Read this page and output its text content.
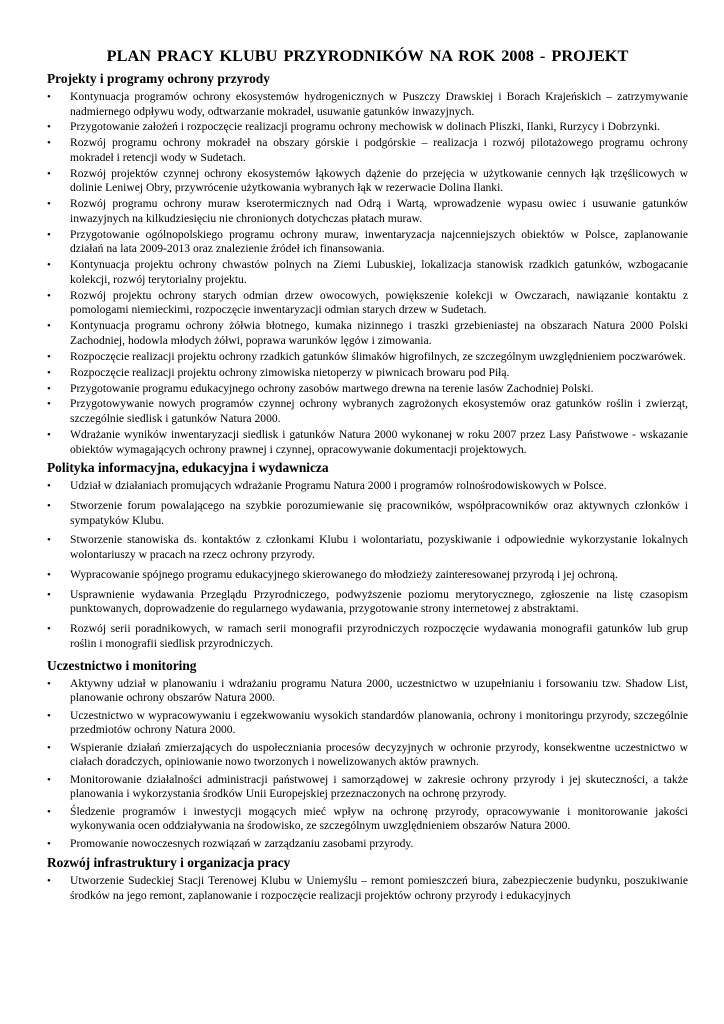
PLAN PRACY KLUBU PRZYRODNIKÓW NA ROK 2008 - PROJEKT
Projekty i programy ochrony przyrody
• Kontynuacja programów ochrony ekosystemów hydrogenicznych w Puszczy Drawskiej i Borach Krajeńskich – zatrzymywanie nadmiernego odpływu wody, odtwarzanie mokradeł, usuwanie gatunków inwazyjnych.
• Przygotowanie założeń i rozpoczęcie realizacji programu ochrony mechowisk w dolinach Pliszki, Ilanki, Rurzycy i Dobrzynki.
• Rozwój programu ochrony mokradeł na obszary górskie i podgórskie – realizacja i rozwój pilotażowego programu ochrony mokradeł i retencji wody w Sudetach.
• Rozwój projektów czynnej ochrony ekosystemów łąkowych dążenie do przejęcia w użytkowanie cennych łąk trzęślicowych w dolinie Leniwej Obry, przywrócenie użytkowania wybranych łąk w rezerwacie Dolina Ilanki.
• Rozwój programu ochrony muraw kserotermicznych nad Odrą i Wartą, wprowadzenie wypasu owiec i usuwanie gatunków inwazyjnych na kilkudziesięciu nie chronionych dotychczas płatach muraw.
• Przygotowanie ogólnopolskiego programu ochrony muraw, inwentaryzacja najcenniejszych obiektów w Polsce, zaplanowanie działań na lata 2009-2013 oraz znalezienie źródeł ich finansowania.
• Kontynuacja projektu ochrony chwastów polnych na Ziemi Lubuskiej, lokalizacja stanowisk rzadkich gatunków, wzbogacanie kolekcji, rozwój terytorialny projektu.
• Rozwój projektu ochrony starych odmian drzew owocowych, powiększenie kolekcji w Owczarach, nawiązanie kontaktu z pomologami niemieckimi, rozpoczęcie inwentaryzacji odmian starych drzew w Sudetach.
• Kontynuacja programu ochrony żółwia błotnego, kumaka nizinnego i traszki grzebieniastej na obszarach Natura 2000 Polski Zachodniej, hodowla młodych żółwi, poprawa warunków lęgów i zimowania.
• Rozpoczęcie realizacji projektu ochrony rzadkich gatunków ślimaków higrofilnych, ze szczególnym uwzględnieniem poczwarówek.
• Rozpoczęcie realizacji projektu ochrony zimowiska nietoperzy w piwnicach browaru pod Piłą.
• Przygotowanie programu edukacyjnego ochrony zasobów martwego drewna na terenie lasów Zachodniej Polski.
• Przygotowywanie nowych programów czynnej ochrony wybranych zagrożonych ekosystemów oraz gatunków roślin i zwierząt, szczególnie siedlisk i gatunków Natura 2000.
• Wdrażanie wyników inwentaryzacji siedlisk i gatunków Natura 2000 wykonanej w roku 2007 przez Lasy Państwowe - wskazanie obiektów wymagających ochrony prawnej i czynnej, opracowywanie dokumentacji projektowych.
Polityka informacyjna, edukacyjna i wydawnicza
• Udział w działaniach promujących wdrażanie Programu Natura 2000 i programów rolnośrodowiskowych w Polsce.
• Stworzenie forum powalającego na szybkie porozumiewanie się pracowników, współpracowników oraz aktywnych członków i sympatyków Klubu.
• Stworzenie stanowiska ds. kontaktów z członkami Klubu i wolontariatu, pozyskiwanie i odpowiednie wykorzystanie lokalnych wolontariuszy w pracach na rzecz ochrony przyrody.
• Wypracowanie spójnego programu edukacyjnego skierowanego do młodzieży zainteresowanej przyrodą i jej ochroną.
• Usprawnienie wydawania Przeglądu Przyrodniczego, podwyższenie poziomu merytorycznego, zgłoszenie na listę czasopism punktowanych, doprowadzenie do regularnego wydawania, przygotowanie strony internetowej z abstraktami.
• Rozwój serii poradnikowych, w ramach serii monografii przyrodniczych rozpoczęcie wydawania monografii gatunków lub grup roślin i monografii siedlisk przyrodniczych.
Uczestnictwo i monitoring
• Aktywny udział w planowaniu i wdrażaniu programu Natura 2000, uczestnictwo w uzupełnianiu i forsowaniu tzw. Shadow List, planowanie ochrony obszarów Natura 2000.
• Uczestnictwo w wypracowywaniu i egzekwowaniu wysokich standardów planowania, ochrony i monitoringu przyrody, szczególnie przedmiotów ochrony Natura 2000.
• Wspieranie działań zmierzających do uspołeczniania procesów decyzyjnych w ochronie przyrody, konsekwentne uczestnictwo w ciałach doradczych, opiniowanie nowo tworzonych i nowelizowanych aktów prawnych.
• Monitorowanie działalności administracji państwowej i samorządowej w zakresie ochrony przyrody i jej skuteczności, a także planowania i wykorzystania środków Unii Europejskiej przeznaczonych na ochronę przyrody.
• Śledzenie programów i inwestycji mogących mieć wpływ na ochronę przyrody, opracowywanie i monitorowanie jakości wykonywania ocen oddziaływania na środowisko, ze szczególnym uwzględnieniem obszarów Natura 2000.
• Promowanie nowoczesnych rozwiązań w zarządzaniu zasobami przyrody.
Rozwój infrastruktury i organizacja pracy
• Utworzenie Sudeckiej Stacji Terenowej Klubu w Uniemyślu – remont pomieszczeń biura, zabezpieczenie budynku, poszukiwanie środków na jego remont, zaplanowanie i rozpoczęcie realizacji projektów ochrony przyrody i edukacyjnych
